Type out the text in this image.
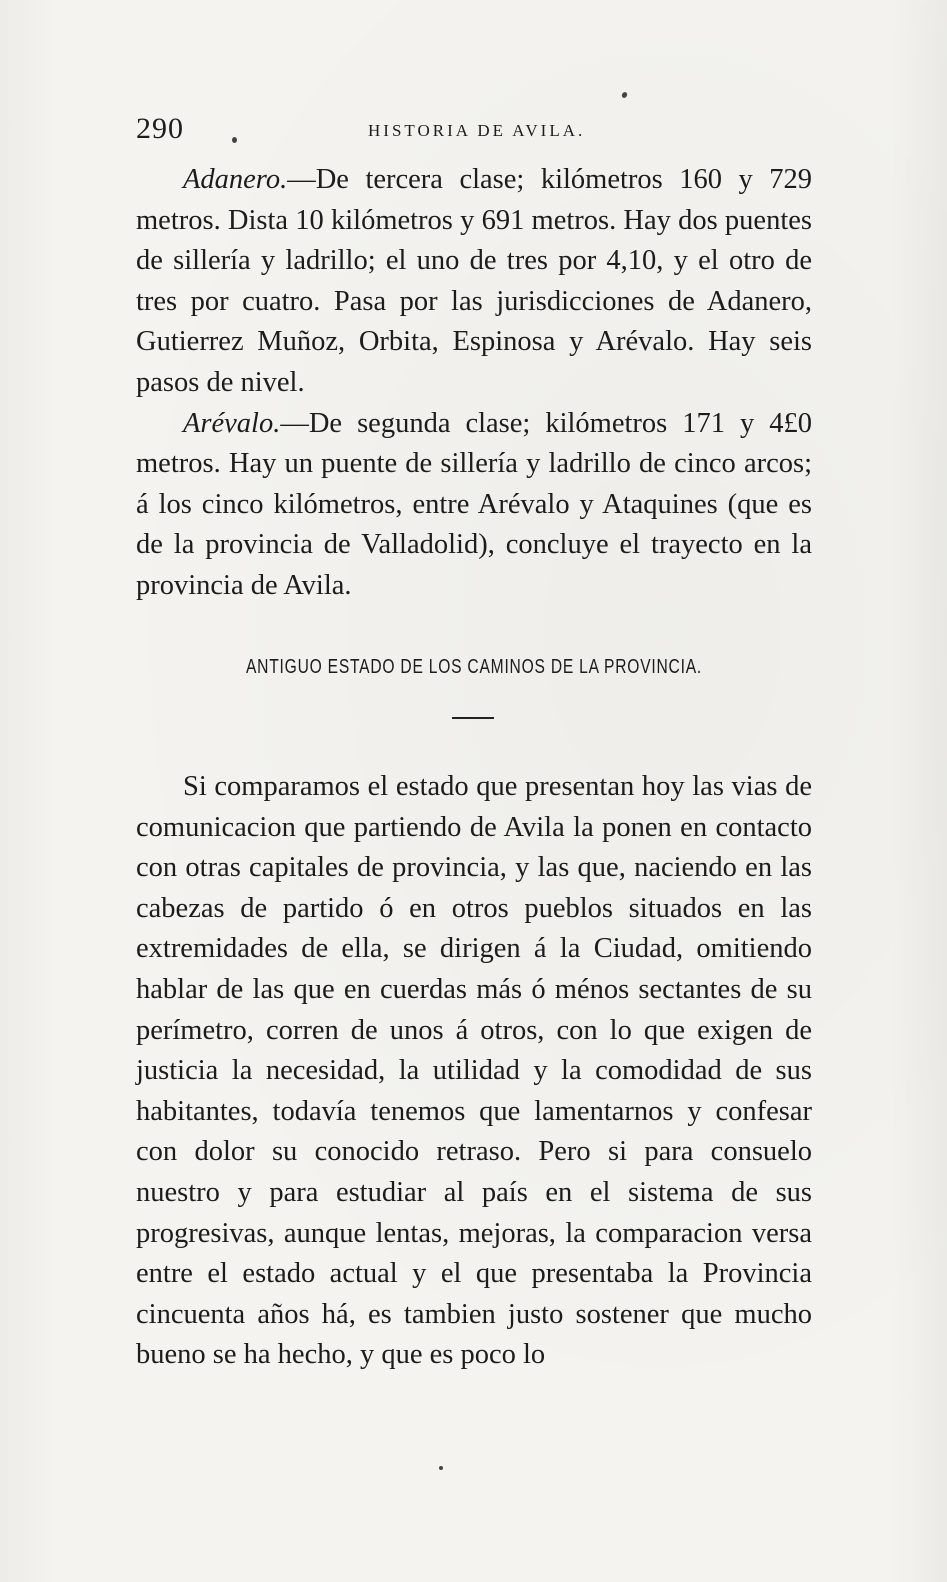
290	HISTORIA DE AVILA.

Adanero.—De tercera clase; kilómetros 160 y 729 metros. Dista 10 kilómetros y 691 metros. Hay dos puentes de sillería y ladrillo; el uno de tres por 4,10, y el otro de tres por cuatro. Pasa por las jurisdicciones de Adanero, Gutierrez Muñoz, Orbita, Espinosa y Arévalo. Hay seis pasos de nivel.

Arévalo.—De segunda clase; kilómetros 171 y 4£0 metros. Hay un puente de sillería y ladrillo de cinco arcos; á los cinco kilómetros, entre Arévalo y Ataquines (que es de la provincia de Valladolid), concluye el trayecto en la provincia de Avila.

ANTIGUO ESTADO DE LOS CAMINOS DE LA PROVINCIA.

Si comparamos el estado que presentan hoy las vias de comunicacion que partiendo de Avila la ponen en contacto con otras capitales de provincia, y las que, naciendo en las cabezas de partido ó en otros pueblos situados en las extremidades de ella, se dirigen á la Ciudad, omitiendo hablar de las que en cuerdas más ó ménos sectantes de su perímetro, corren de unos á otros, con lo que exigen de justicia la necesidad, la utilidad y la comodidad de sus habitantes, todavía tenemos que lamentarnos y confesar con dolor su conocido retraso. Pero si para consuelo nuestro y para estudiar al país en el sistema de sus progresivas, aunque lentas, mejoras, la comparacion versa entre el estado actual y el que presentaba la Provincia cincuenta años há, es tambien justo sostener que mucho bueno se ha hecho, y que es poco lo
